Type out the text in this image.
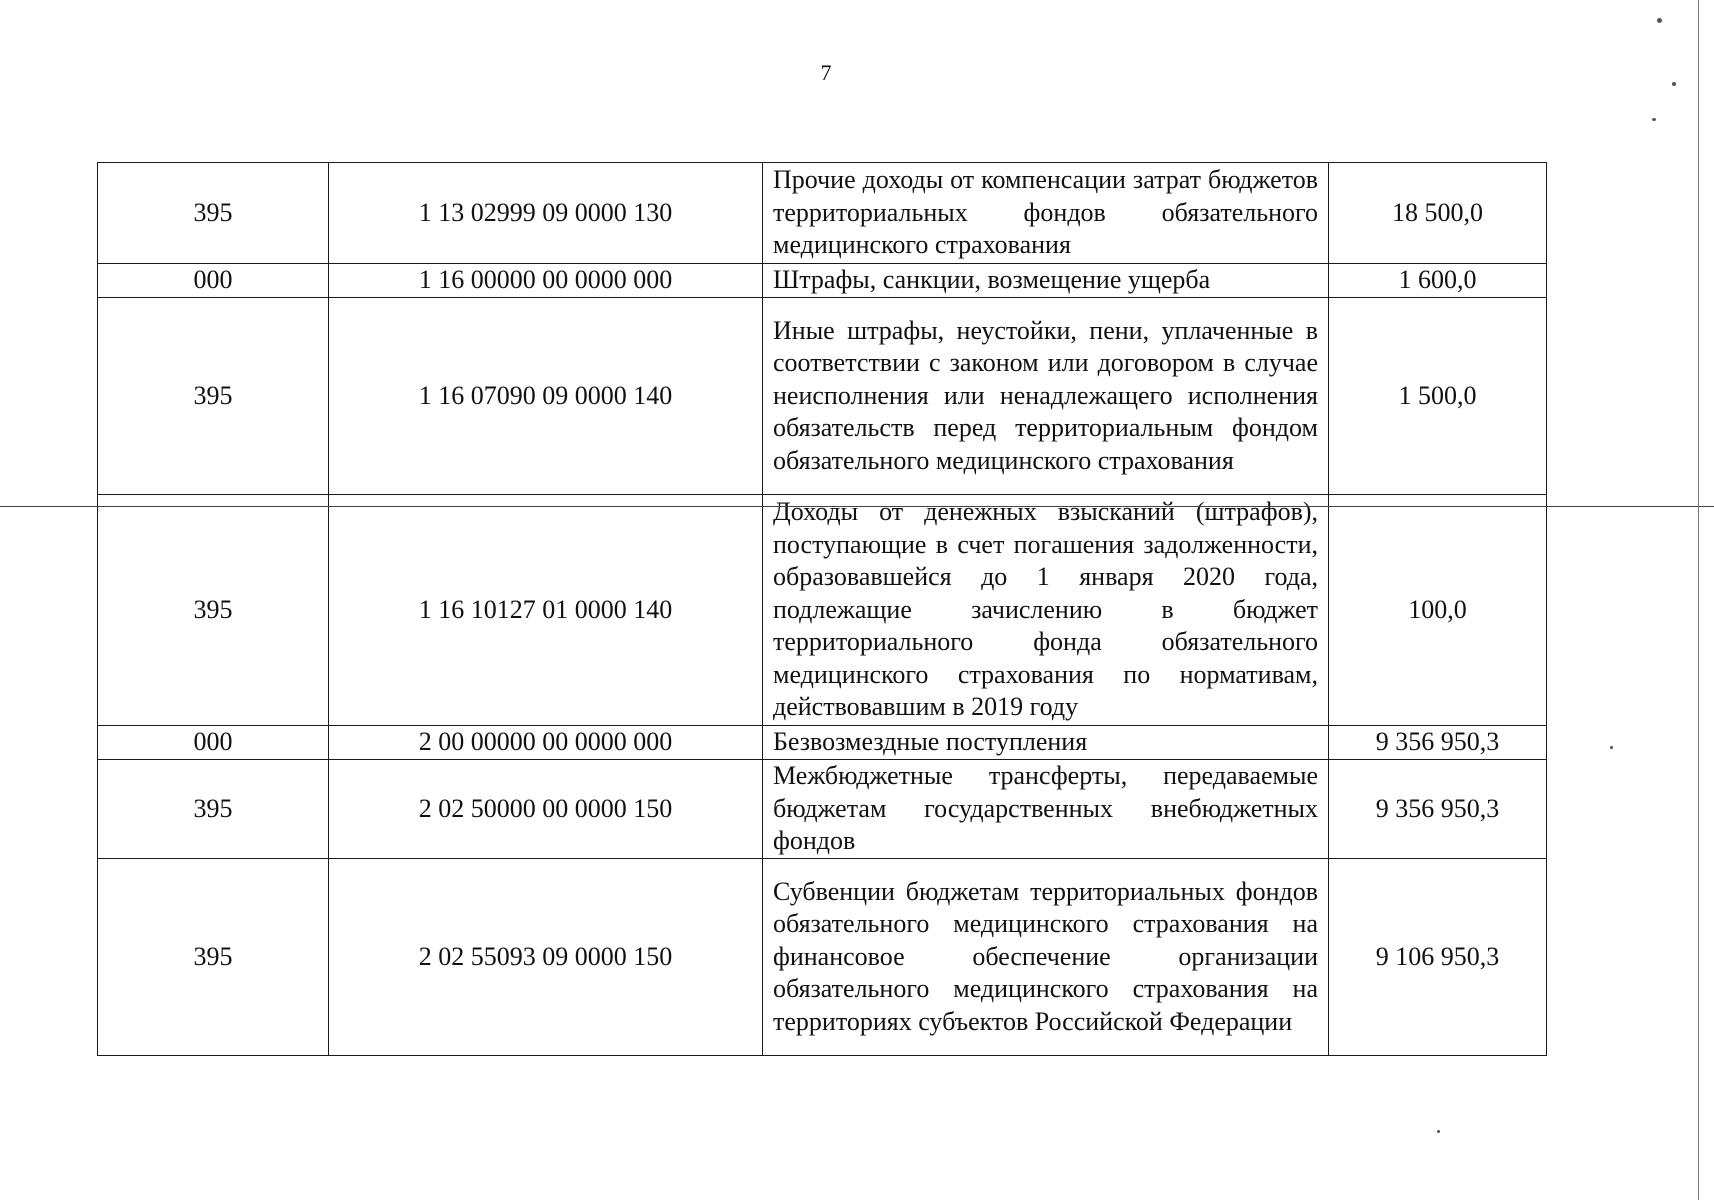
7
395	1 13 02999 09 0000 130	Прочие доходы от компенсации затрат бюджетов территориальных фондов обязательного медицинского страхования	18 500,0
000	1 16 00000 00 0000 000	Штрафы, санкции, возмещение ущерба	1 600,0
395	1 16 07090 09 0000 140	Иные штрафы, неустойки, пени, уплаченные в соответствии с законом или договором в случае неисполнения или ненадлежащего исполнения обязательств перед территориальным фондом обязательного медицинского страхования	1 500,0
395	1 16 10127 01 0000 140	Доходы от денежных взысканий (штрафов), поступающие в счет погашения задолженности, образовавшейся до 1 января 2020 года, подлежащие зачислению в бюджет территориального фонда обязательного медицинского страхования по нормативам, действовавшим в 2019 году	100,0
000	2 00 00000 00 0000 000	Безвозмездные поступления	9 356 950,3
395	2 02 50000 00 0000 150	Межбюджетные трансферты, передаваемые бюджетам государственных внебюджетных фондов	9 356 950,3
395	2 02 55093 09 0000 150	Субвенции бюджетам территориальных фондов обязательного медицинского страхования на финансовое обеспечение организации обязательного медицинского страхования на территориях субъектов Российской Федерации	9 106 950,3
